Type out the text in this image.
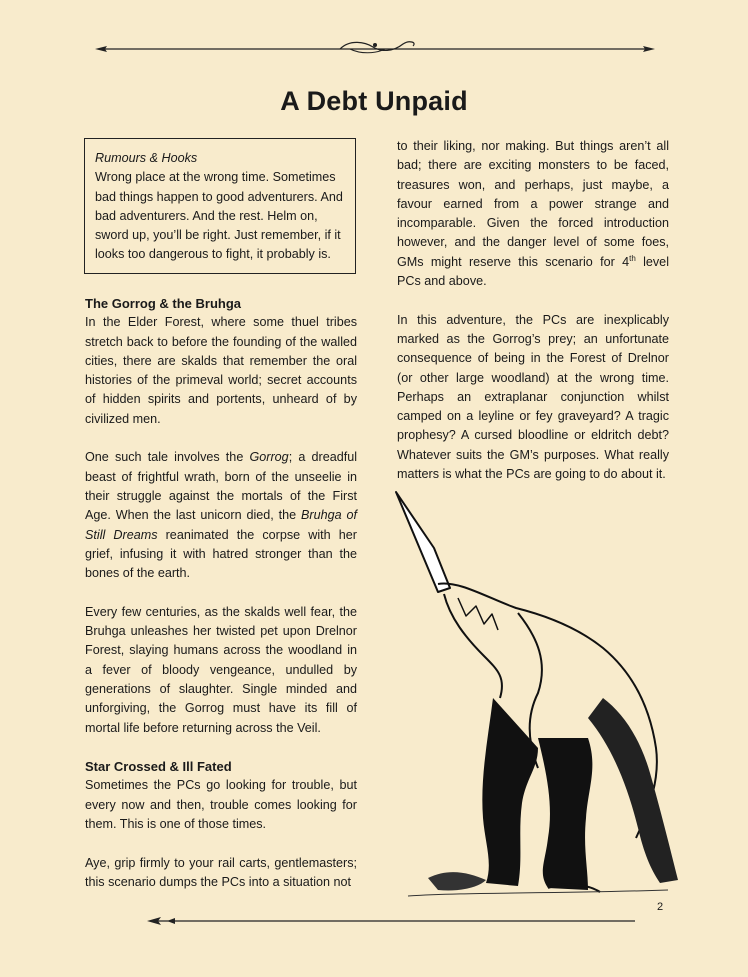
A Debt Unpaid
Rumours & Hooks
Wrong place at the wrong time. Sometimes bad things happen to good adventurers. And bad adventurers. And the rest. Helm on, sword up, you’ll be right. Just remember, if it looks too dangerous to fight, it probably is.
The Gorrog & the Bruhga

In the Elder Forest, where some thuel tribes stretch back to before the founding of the walled cities, there are skalds that remember the oral histories of the primeval world; secret accounts of hidden spirits and portents, unheard of by civilized men.

One such tale involves the Gorrog; a dreadful beast of frightful wrath, born of the unseelie in their struggle against the mortals of the First Age. When the last unicorn died, the Bruhga of Still Dreams reanimated the corpse with her grief, infusing it with hatred stronger than the bones of the earth.

Every few centuries, as the skalds well fear, the Bruhga unleashes her twisted pet upon Drelnor Forest, slaying humans across the woodland in a fever of bloody vengeance, undulled by generations of slaughter. Single minded and unforgiving, the Gorrog must have its fill of mortal life before returning across the Veil.

Star Crossed & Ill Fated

Sometimes the PCs go looking for trouble, but every now and then, trouble comes looking for them. This is one of those times.

Aye, grip firmly to your rail carts, gentlemasters; this scenario dumps the PCs into a situation not

to their liking, nor making. But things aren’t all bad; there are exciting monsters to be faced, treasures won, and perhaps, just maybe, a favour earned from a power strange and incomparable. Given the forced introduction however, and the danger level of some foes, GMs might reserve this scenario for 4th level PCs and above.

In this adventure, the PCs are inexplicably marked as the Gorrog’s prey; an unfortunate consequence of being in the Forest of Drelnor (or other large woodland) at the wrong time. Perhaps an extraplanar conjunction whilst camped on a leyline or fey graveyard? A tragic prophesy? A cursed bloodline or eldritch debt? Whatever suits the GM’s purposes. What really matters is what the PCs are going to do about it.

2
